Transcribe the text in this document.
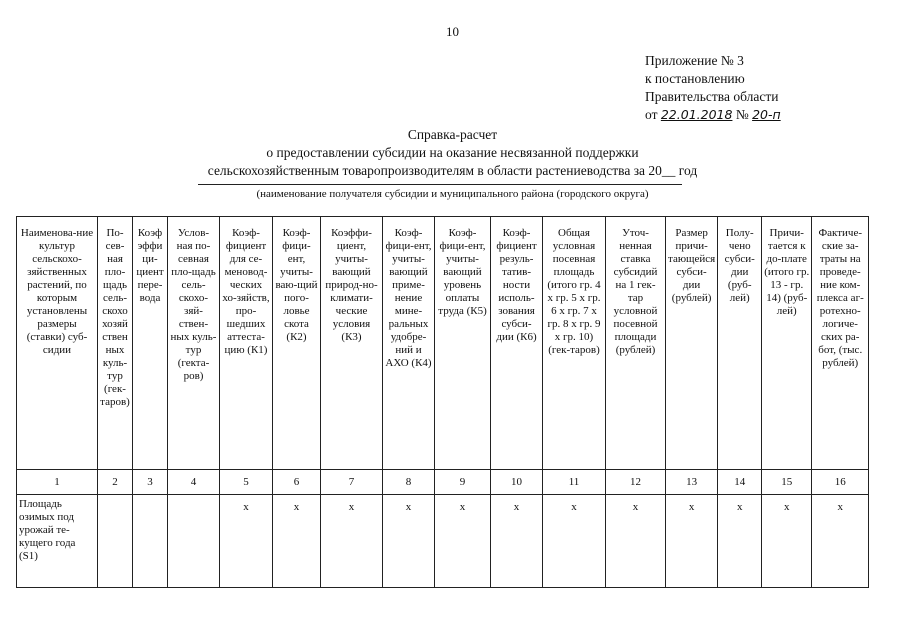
10
Приложение № 3
к постановлению
Правительства области
от 22.01.2018 № 20-п
Справка-расчет
о предоставлении субсидии на оказание несвязанной поддержки
сельскохозяйственным товаропроизводителям в области растениеводства за 20__ год
(наименование получателя субсидии и муниципального района (городского округа)
Наименова-ние культур сельскохо-зяйственных растений, по которым установлены размеры (ставки) суб-сидии	По-сев-ная пло-щадь сель-скохо хозяй ствен ных куль-тур (гек-таров)	Коэф эффи ци-циент пере-вода	Услов-ная по-севная пло-щадь сель-скохо-зяй-ствен-ных куль-тур (гекта-ров)	Коэф-фициент для се-меновод-ческих хо-зяйств, про-шедших аттеста-цию (К1)	Коэф-фици-ент, учиты-ваю-щий пого-ловье скота (К2)	Коэффи-циент, учиты-вающий природ-но-климати-ческие условия (К3)	Коэф-фици-ент, учиты-вающий приме-нение мине-ральных удобре-ний и АХО (К4)	Коэф-фици-ент, учиты-вающий уровень оплаты труда (К5)	Коэф-фициент резуль-татив-ности исполь-зования субси-дии (К6)	Общая условная посевная площадь (итого гр. 4 х гр. 5 х гр. 6 х гр. 7 х гр. 8 х гр. 9 х гр. 10) (гек-таров)	Уточ-ненная ставка субсидий на 1 гек-тар условной посевной площади (рублей)	Размер причи-тающейся субси-дии (рублей)	Полу-чено субси-дии (руб-лей)	Причи-тается к до-плате (итого гр. 13 - гр. 14) (руб-лей)	Фактиче-ские за-траты на проведе-ние ком-плекса аг-ротехно-логиче-ских ра-бот, (тыс. рублей)
1	2	3	4	5	6	7	8	9	10	11	12	13	14	15	16
Площадь озимых под урожай те-кущего года (S1)				х	х	х	х	х	х	х	х	х	х	х	х
